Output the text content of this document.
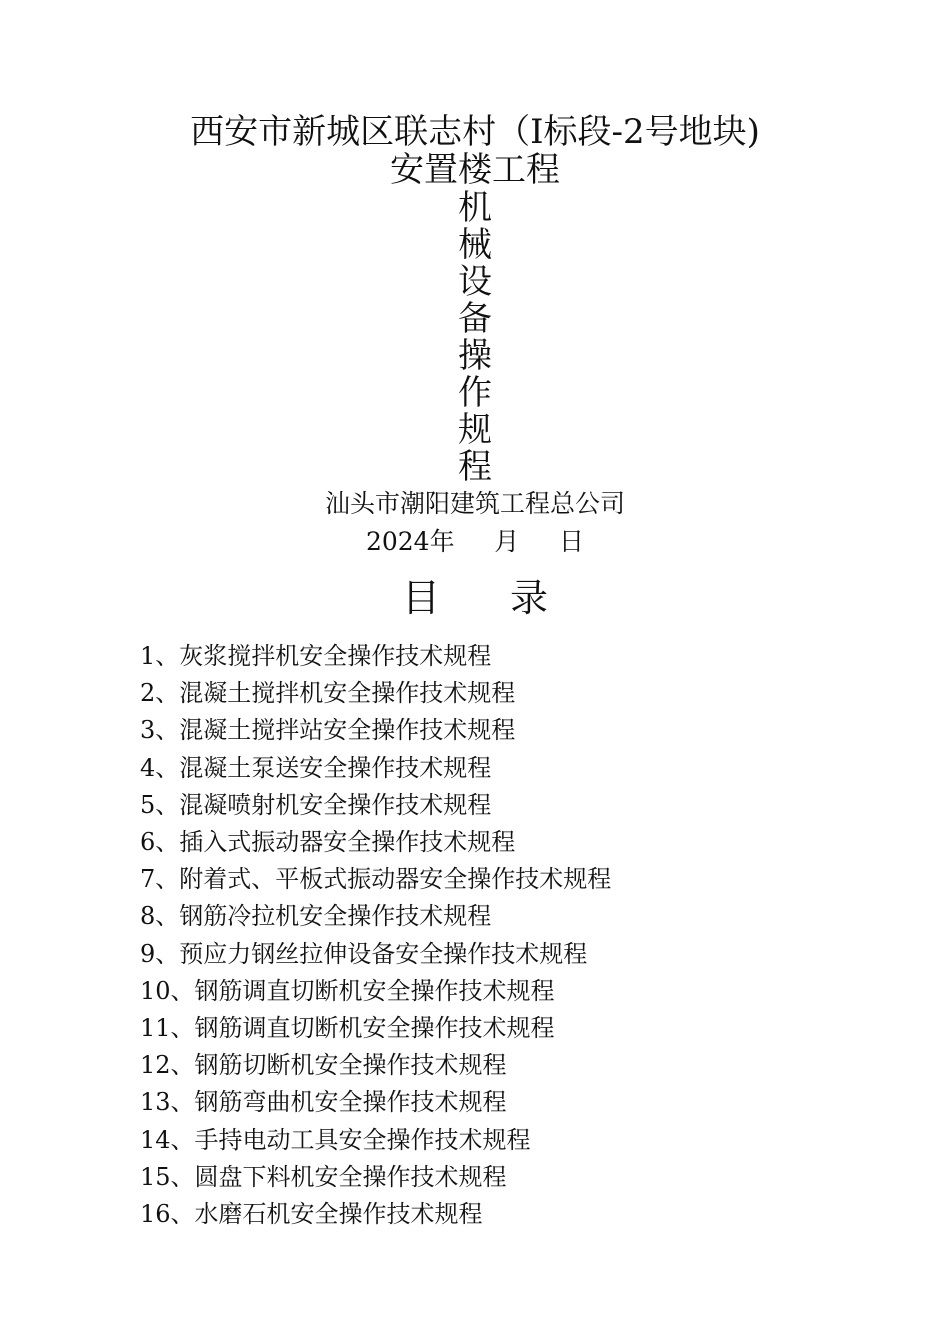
西安市新城区联志村（Ⅰ标段-2号地块)
安置楼工程
机
械
设
备
操
作
规
程
汕头市潮阳建筑工程总公司
2024年     月     日
目录
1、灰浆搅拌机安全操作技术规程
2、混凝土搅拌机安全操作技术规程
3、混凝土搅拌站安全操作技术规程
4、混凝土泵送安全操作技术规程
5、混凝喷射机安全操作技术规程
6、插入式振动器安全操作技术规程
7、附着式、平板式振动器安全操作技术规程
8、钢筋冷拉机安全操作技术规程
9、预应力钢丝拉伸设备安全操作技术规程
10、钢筋调直切断机安全操作技术规程
11、钢筋调直切断机安全操作技术规程
12、钢筋切断机安全操作技术规程
13、钢筋弯曲机安全操作技术规程
14、手持电动工具安全操作技术规程
15、圆盘下料机安全操作技术规程
16、水磨石机安全操作技术规程
